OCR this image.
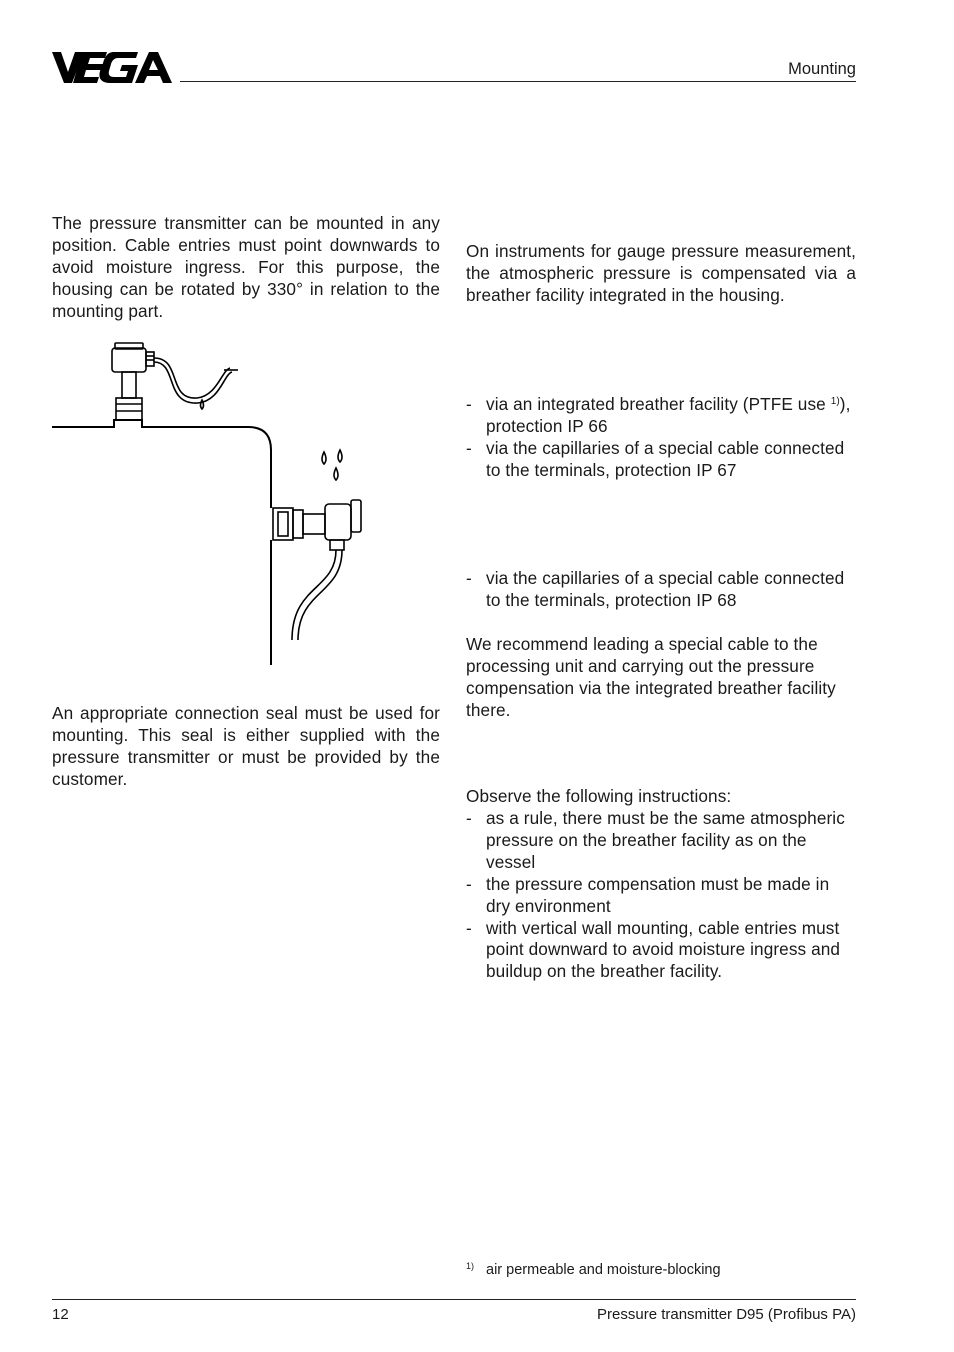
Mounting
The pressure transmitter can be mounted in any position. Cable entries must point downwards to avoid moisture ingress. For this purpose, the housing can be rotated by 330° in relation to the mounting part.
An appropriate connection seal must be used for mounting. This seal is either supplied with the pressure transmitter or must be provided by the customer.
On instruments for gauge pressure measurement, the atmospheric pressure is compensated via a breather facility integrated in the housing.
- via an integrated breather facility (PTFE use $^{1)}$), protection IP 66
- via the capillaries of a special cable connected to the terminals, protection IP 67
- via the capillaries of a special cable connected to the terminals, protection IP 68
We recommend leading a special cable to the processing unit and carrying out the pressure compensation via the integrated breather facility there.
Observe the following instructions:
- as a rule, there must be the same atmospheric pressure on the breather facility as on the vessel
- the pressure compensation must be made in dry environment
- with vertical wall mounting, cable entries must point downward to avoid moisture ingress and buildup on the breather facility.
$^{1)}$ air permeable and moisture-blocking
12	Pressure transmitter D95 (Profibus PA)
